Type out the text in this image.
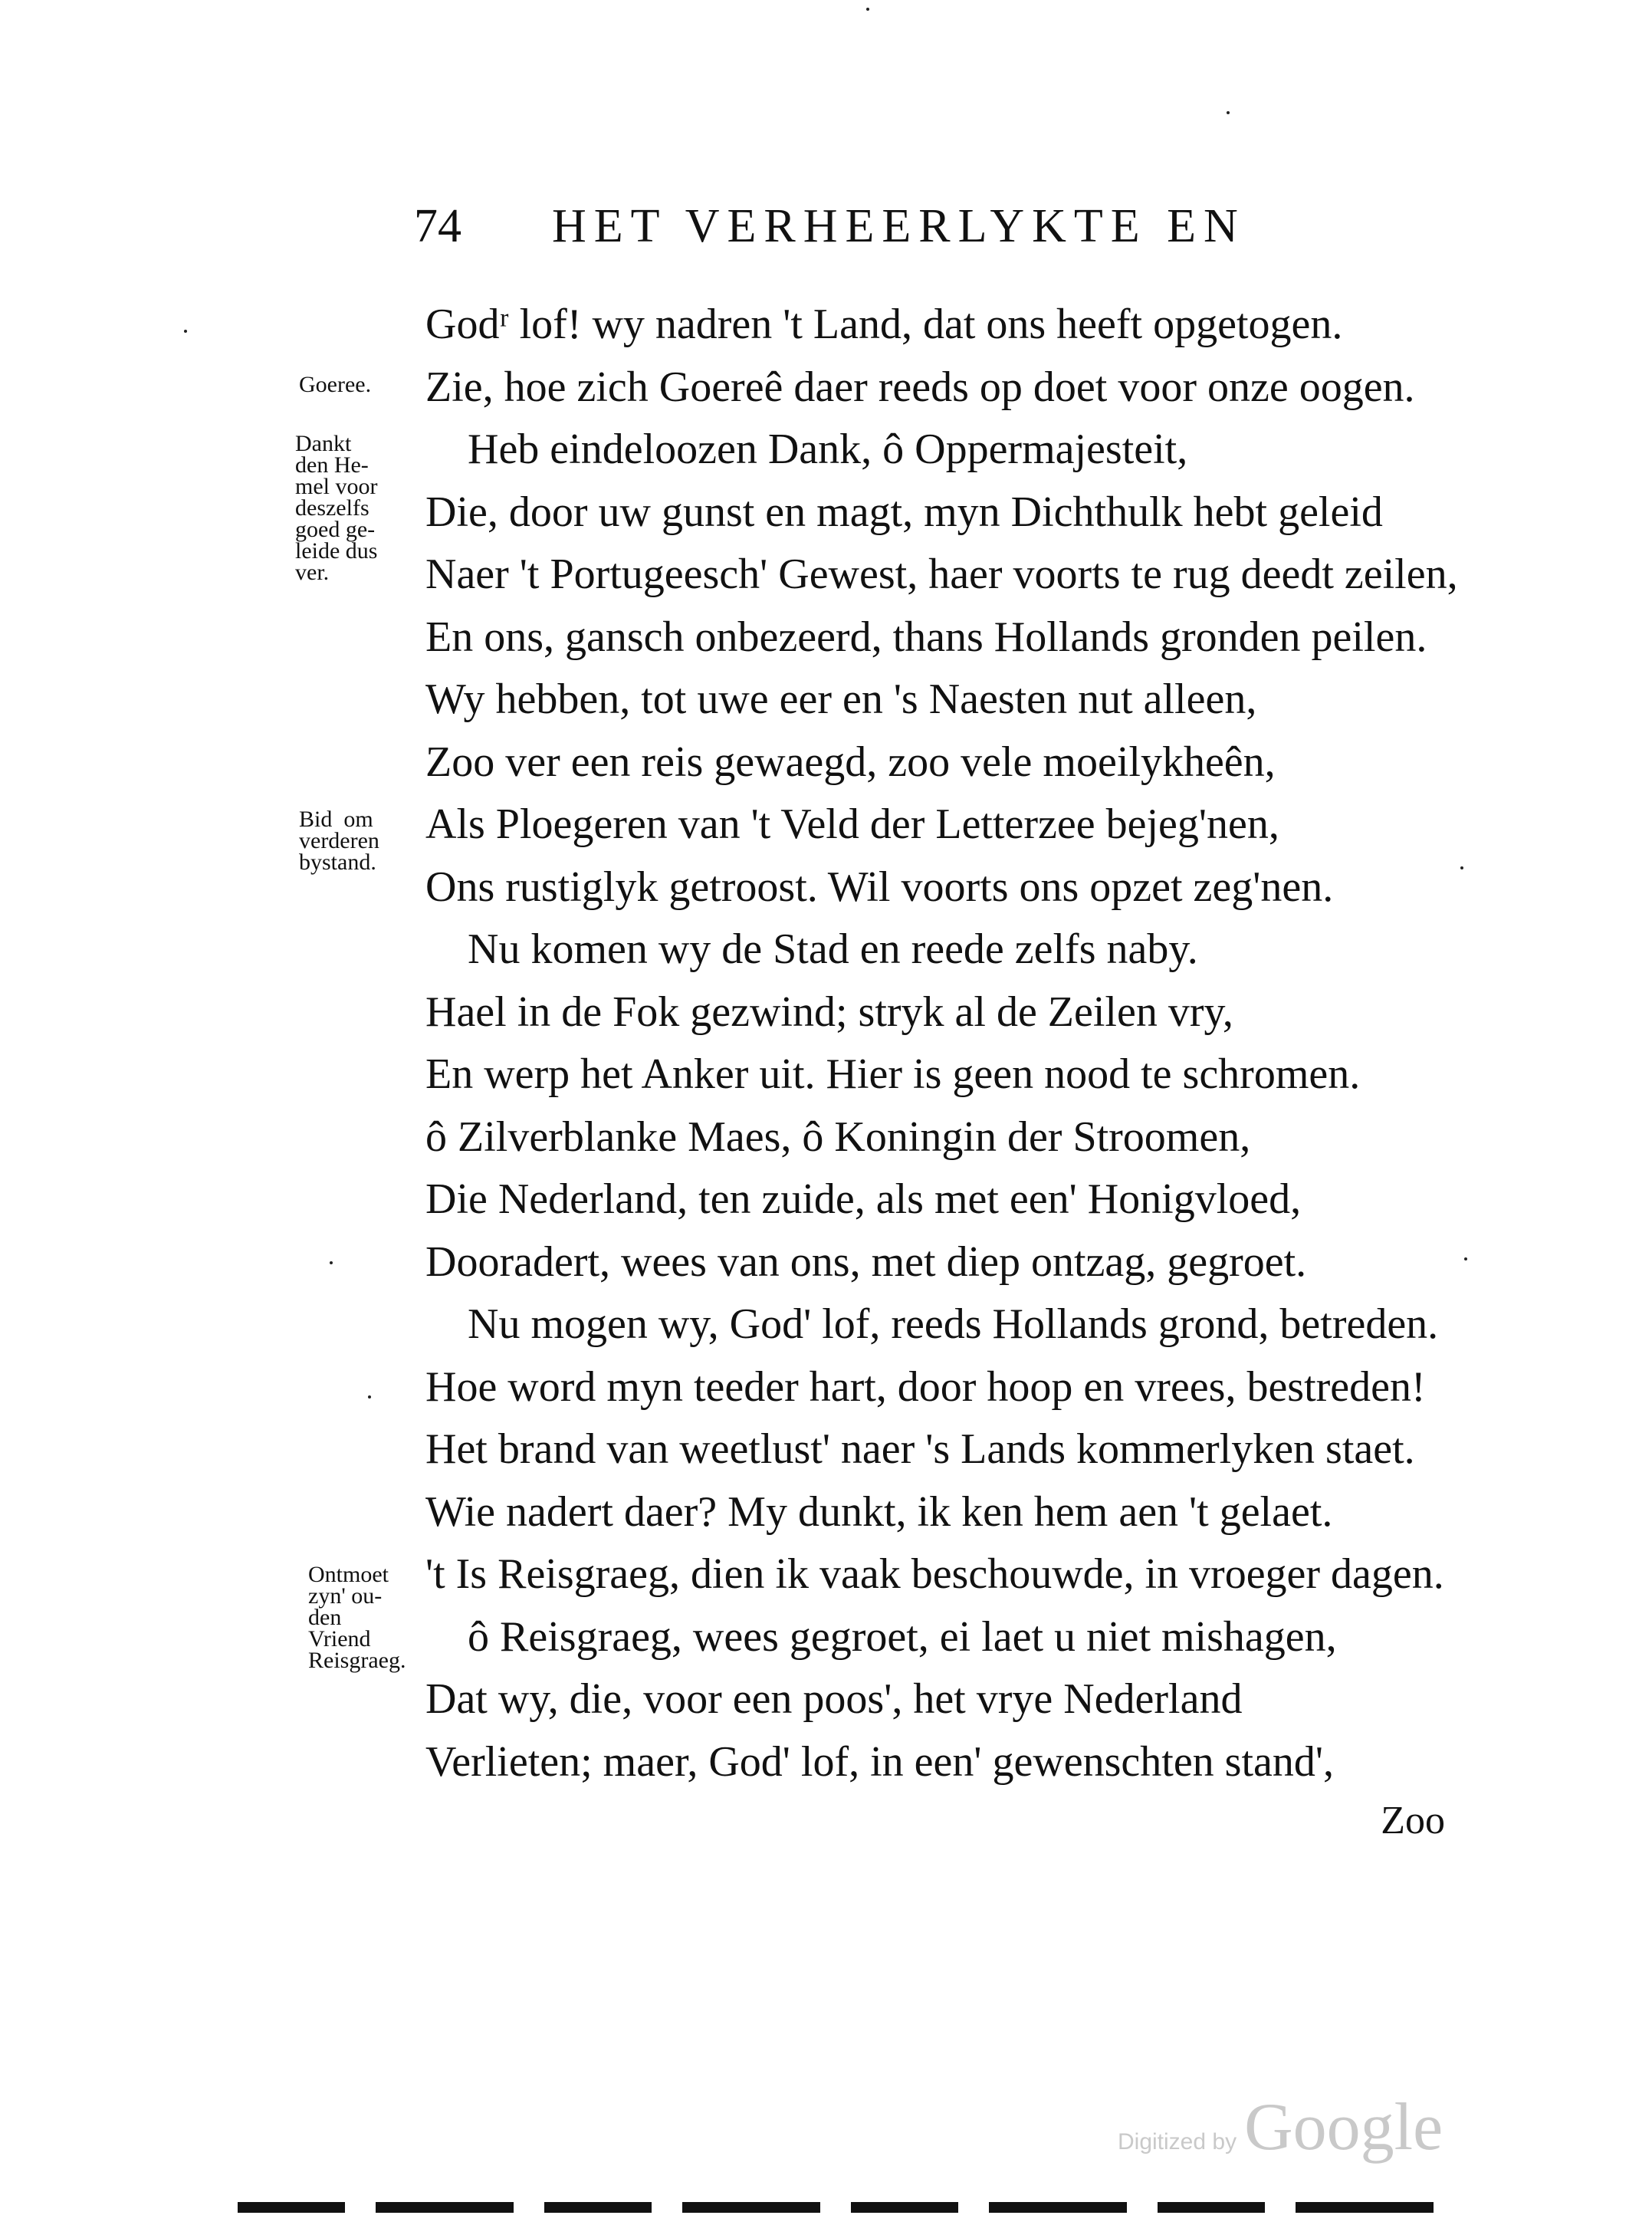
74 HET VERHEERLYKTE EN
Godʳ lof! wy nadren 't Land, dat ons heeft opgetogen.
Zie, hoe zich Goereê daer reeds op doet voor onze oogen.
Heb eindeloozen Dank, ô Oppermajesteit,
Die, door uw gunst en magt, myn Dichthulk hebt geleid
Naer 't Portugeesch' Gewest, haer voorts te rug deedt zeilen,
En ons, gansch onbezeerd, thans Hollands gronden peilen.
Wy hebben, tot uwe eer en 's Naesten nut alleen,
Zoo ver een reis gewaegd, zoo vele moeilykheên,
Als Ploegeren van 't Veld der Letterzee bejeg'nen,
Ons rustiglyk getroost. Wil voorts ons opzet zeg'nen.
Nu komen wy de Stad en reede zelfs naby.
Hael in de Fok gezwind; stryk al de Zeilen vry,
En werp het Anker uit. Hier is geen nood te schromen.
ô Zilverblanke Maes, ô Koningin der Stroomen,
Die Nederland, ten zuide, als met een' Honigvloed,
Dooradert, wees van ons, met diep ontzag, gegroet.
Nu mogen wy, God' lof, reeds Hollands grond, betreden.
Hoe word myn teeder hart, door hoop en vrees, bestreden!
Het brand van weetlust' naer 's Lands kommerlyken staet.
Wie nadert daer? My dunkt, ik ken hem aen 't gelaet.
't Is Reisgraeg, dien ik vaak beschouwde, in vroeger dagen.
ô Reisgraeg, wees gegroet, ei laet u niet mishagen,
Dat wy, die, voor een poos', het vrye Nederland
Verlieten; maer, God' lof, in een' gewenschten stand',
Goeree.
Dankt
den He-
mel voor
deszelfs
goed ge-
leide dus
ver.
Bid  om
verderen
bystand.
Ontmoet
zyn' ou-
den
Vriend
Reisgraeg.
Zoo
Digitized by Google
